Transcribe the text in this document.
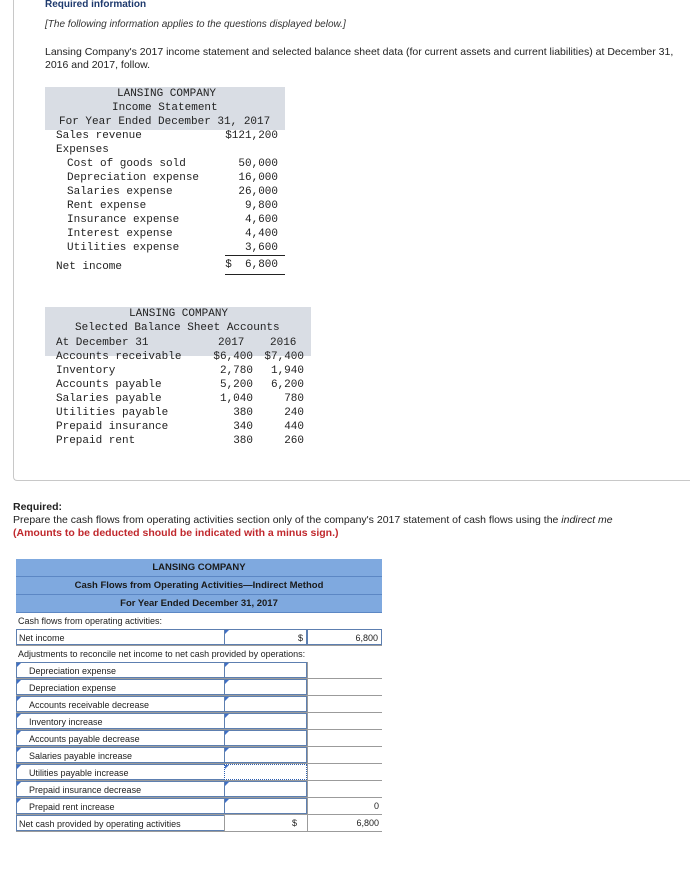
Required information
[The following information applies to the questions displayed below.]
Lansing Company's 2017 income statement and selected balance sheet data (for current assets and current liabilities) at December 31, 2016 and 2017, follow.
LANSING COMPANY
Income Statement
For Year Ended December 31, 2017
Sales revenue	$121,200
Expenses
Cost of goods sold	50,000
Depreciation expense	16,000
Salaries expense	26,000
Rent expense	9,800
Insurance expense	4,600
Interest expense	4,400
Utilities expense	3,600
Net income	$  6,800
LANSING COMPANY
Selected Balance Sheet Accounts
At December 31	2017 2016
Accounts receivable	$6,400 $7,400
Inventory	2,780 1,940
Accounts payable	5,200 6,200
Salaries payable	1,040	780
Utilities payable	380	240
Prepaid insurance	340	440
Prepaid rent	380	260
Required:
Prepare the cash flows from operating activities section only of the company's 2017 statement of cash flows using the indirect me
(Amounts to be deducted should be indicated with a minus sign.)
LANSING COMPANY
Cash Flows from Operating Activities—Indirect Method
For Year Ended December 31, 2017
Cash flows from operating activities:
Net income	$	6,800
Adjustments to reconcile net income to net cash provided by operations:
Depreciation expense
Depreciation expense
Accounts receivable decrease
Inventory increase
Accounts payable decrease
Salaries payable increase
Utilities payable increase
Prepaid insurance decrease
Prepaid rent increase	0
Net cash provided by operating activities	$	6,800
